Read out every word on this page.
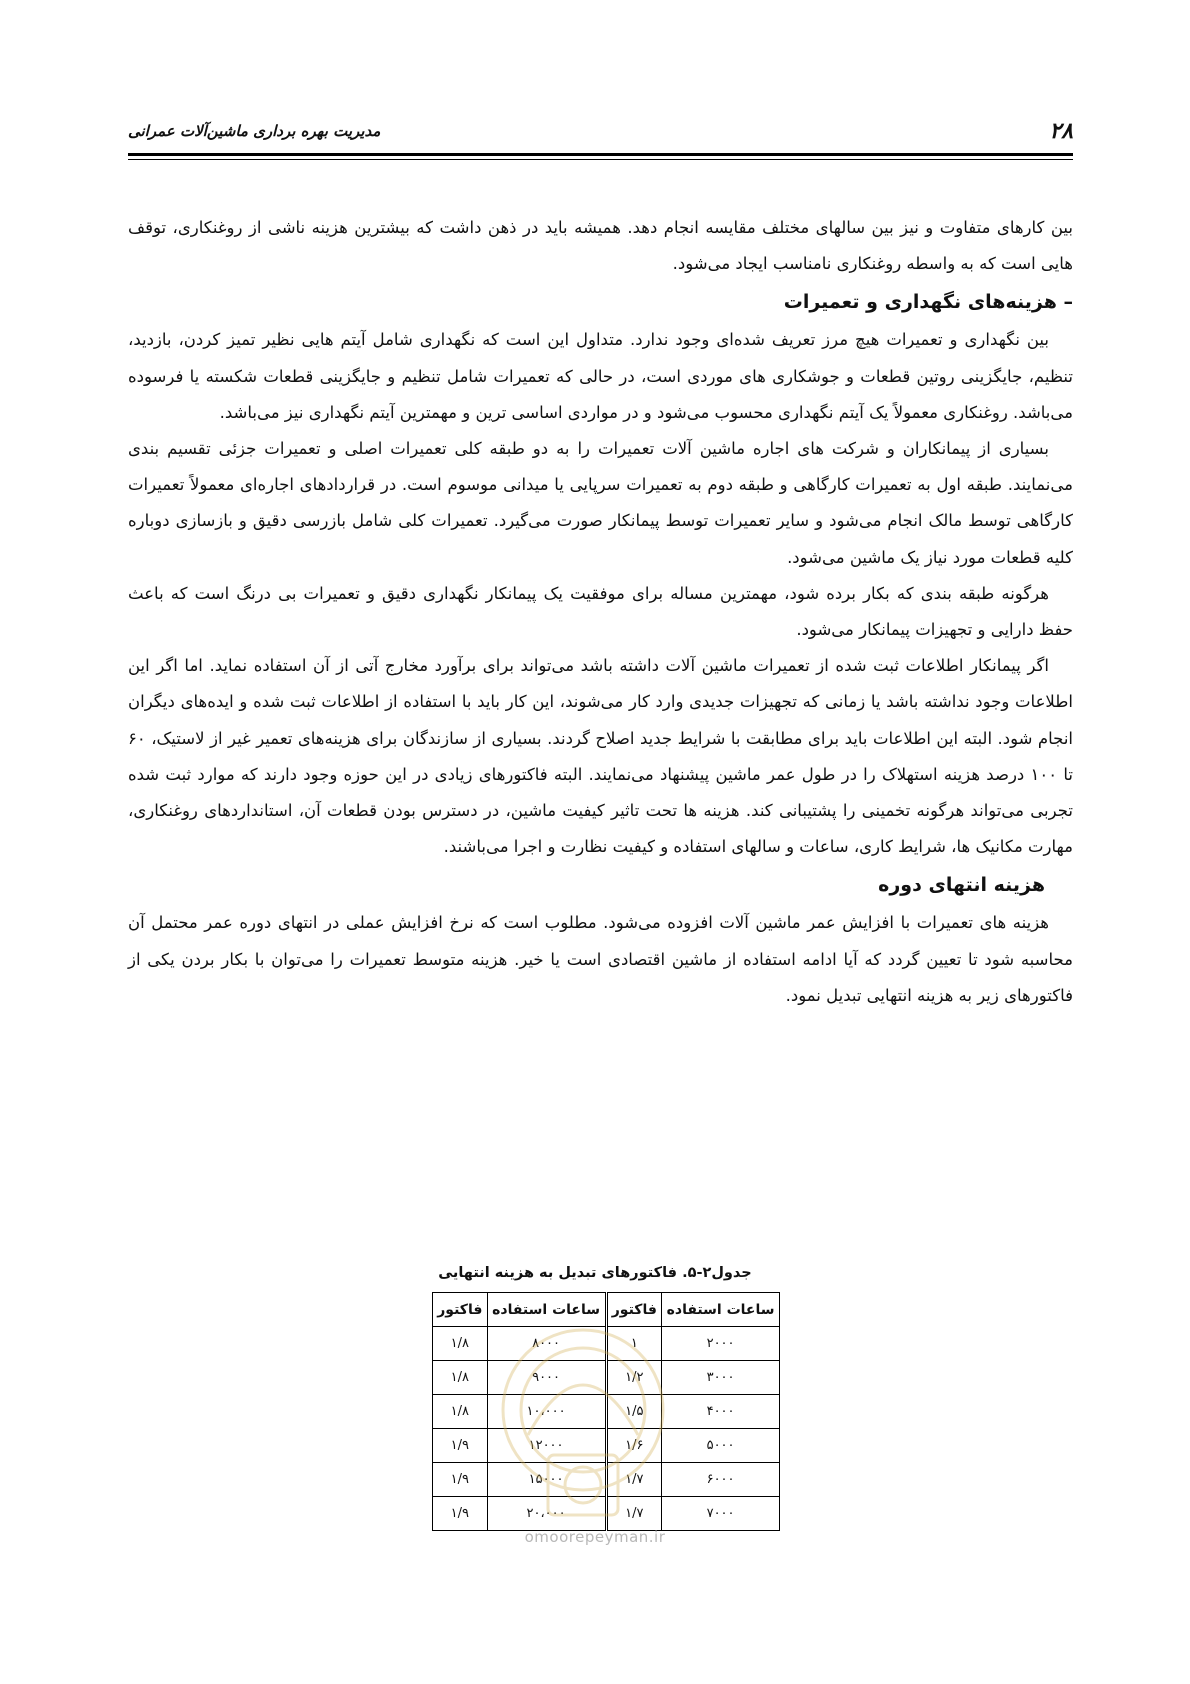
۲۸
مدیریت بهره برداری ماشین‌آلات عمرانی

بین کارهای متفاوت و نیز بین سالهای مختلف مقایسه انجام دهد. همیشه باید در ذهن داشت که بیشترین هزینه ناشی از روغنکاری، توقف هایی است که به واسطه روغنکاری نامناسب ایجاد می‌شود.

– هزینه‌های نگهداری و تعمیرات

بین نگهداری و تعمیرات هیچ مرز تعریف شده‌ای وجود ندارد. متداول این است که نگهداری شامل آیتم هایی نظیر تمیز کردن، بازدید، تنظیم، جایگزینی روتین قطعات و جوشکاری های موردی است، در حالی که تعمیرات شامل تنظیم و جایگزینی قطعات شکسته یا فرسوده می‌باشد. روغنکاری معمولاً یک آیتم نگهداری محسوب می‌شود و در مواردی اساسی ترین و مهمترین آیتم نگهداری نیز می‌باشد.

بسیاری از پیمانکاران و شرکت های اجاره ماشین آلات تعمیرات را به دو طبقه کلی تعمیرات اصلی و تعمیرات جزئی تقسیم بندی می‌نمایند. طبقه اول به تعمیرات کارگاهی و طبقه دوم به تعمیرات سرپایی یا میدانی موسوم است. در قراردادهای اجاره‌ای معمولاً تعمیرات کارگاهی توسط مالک انجام می‌شود و سایر تعمیرات توسط پیمانکار صورت می‌گیرد. تعمیرات کلی شامل بازرسی دقیق و بازسازی دوباره کلیه قطعات مورد نیاز یک ماشین می‌شود.

هرگونه طبقه بندی که بکار برده شود، مهمترین مساله برای موفقیت یک پیمانکار نگهداری دقیق و تعمیرات بی درنگ است که باعث حفظ دارایی و تجهیزات پیمانکار می‌شود.

اگر پیمانکار اطلاعات ثبت شده از تعمیرات ماشین آلات داشته باشد می‌تواند برای برآورد مخارج آتی از آن استفاده نماید. اما اگر این اطلاعات وجود نداشته باشد یا زمانی که تجهیزات جدیدی وارد کار می‌شوند، این کار باید با استفاده از اطلاعات ثبت شده و ایده‌های دیگران انجام شود. البته این اطلاعات باید برای مطابقت با شرایط جدید اصلاح گردند. بسیاری از سازندگان برای هزینه‌های تعمیر غیر از لاستیک، ۶۰ تا ۱۰۰ درصد هزینه استهلاک را در طول عمر ماشین پیشنهاد می‌نمایند. البته فاکتورهای زیادی در این حوزه وجود دارند که موارد ثبت شده تجربی می‌تواند هرگونه تخمینی را پشتیبانی کند. هزینه ها تحت تاثیر کیفیت ماشین، در دسترس بودن قطعات آن، استانداردهای روغنکاری، مهارت مکانیک ها، شرایط کاری، ساعات و سالهای استفاده و کیفیت نظارت و اجرا می‌باشند.

هزینه انتهای دوره

هزینه های تعمیرات با افزایش عمر ماشین آلات افزوده می‌شود. مطلوب است که نرخ افزایش عملی در انتهای دوره عمر محتمل آن محاسبه شود تا تعیین گردد که آیا ادامه استفاده از ماشین اقتصادی است یا خیر. هزینه متوسط تعمیرات را می‌توان با بکار بردن یکی از فاکتورهای زیر به هزینه انتهایی تبدیل نمود.

جدول۲-۵. فاکتورهای تبدیل به هزینه انتهایی
ساعات استفاده	فاکتور	ساعات استفاده	فاکتور
۲۰۰۰	۱	۸۰۰۰	۱/۸
۳۰۰۰	۱/۲	۹۰۰۰	۱/۸
۴۰۰۰	۱/۵	۱۰،۰۰۰	۱/۸
۵۰۰۰	۱/۶	۱۲۰۰۰	۱/۹
۶۰۰۰	۱/۷	۱۵۰۰۰	۱/۹
۷۰۰۰	۱/۷	۲۰،۰۰۰	۱/۹
omoorepeyman.ir
